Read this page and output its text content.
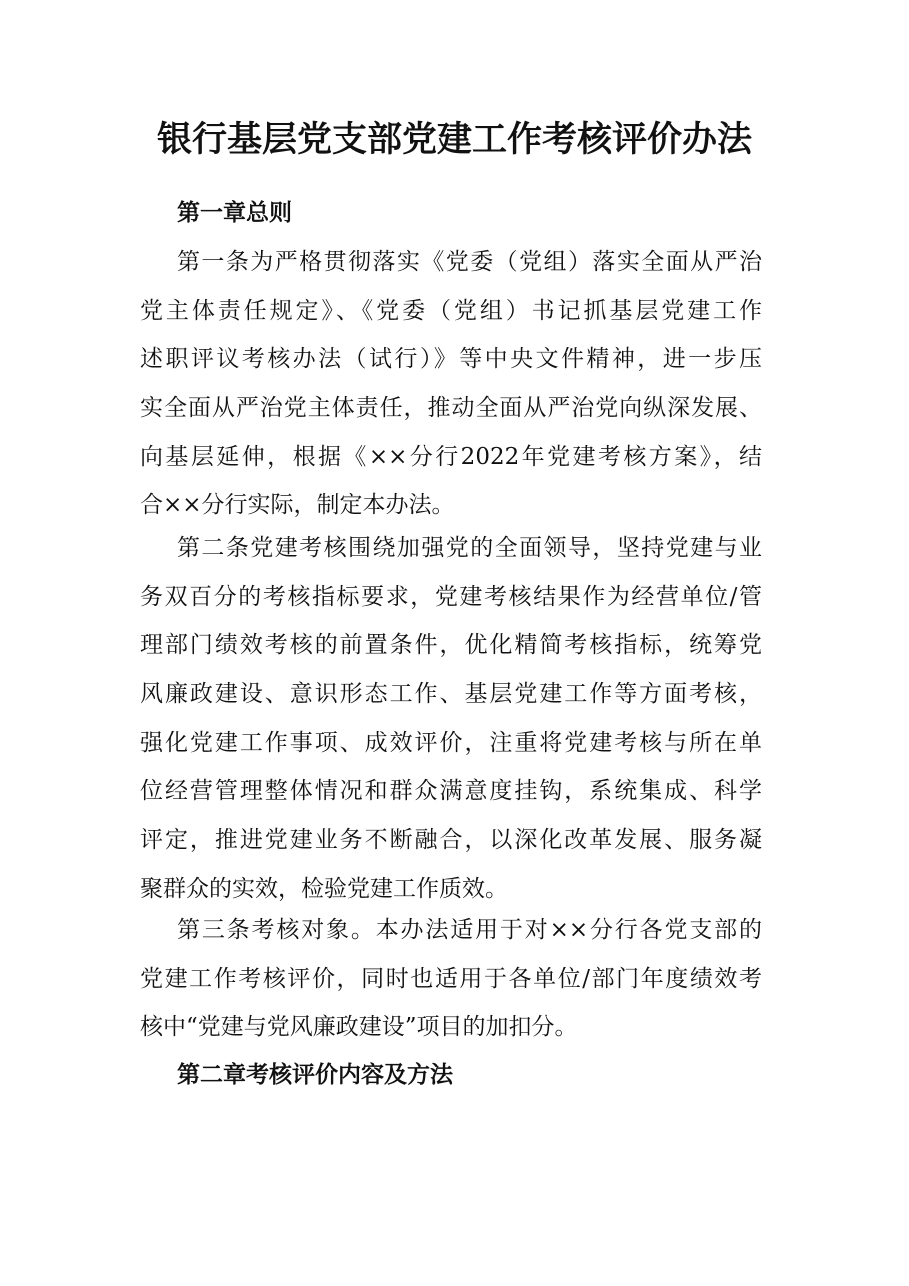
银行基层党支部党建工作考核评价办法
第一章总则
第一条为严格贯彻落实《党委（党组）落实全面从严治
党主体责任规定》、《党委（党组）书记抓基层党建工作
述职评议考核办法（试行）》等中央文件精神，进一步压
实全面从严治党主体责任，推动全面从严治党向纵深发展、
向基层延伸，根据《××分行2022年党建考核方案》，结
合××分行实际，制定本办法。
第二条党建考核围绕加强党的全面领导，坚持党建与业
务双百分的考核指标要求，党建考核结果作为经营单位/管
理部门绩效考核的前置条件，优化精简考核指标，统筹党
风廉政建设、意识形态工作、基层党建工作等方面考核，
强化党建工作事项、成效评价，注重将党建考核与所在单
位经营管理整体情况和群众满意度挂钩，系统集成、科学
评定，推进党建业务不断融合，以深化改革发展、服务凝
聚群众的实效，检验党建工作质效。
第三条考核对象。本办法适用于对××分行各党支部的
党建工作考核评价，同时也适用于各单位/部门年度绩效考
核中“党建与党风廉政建设”项目的加扣分。
第二章考核评价内容及方法
